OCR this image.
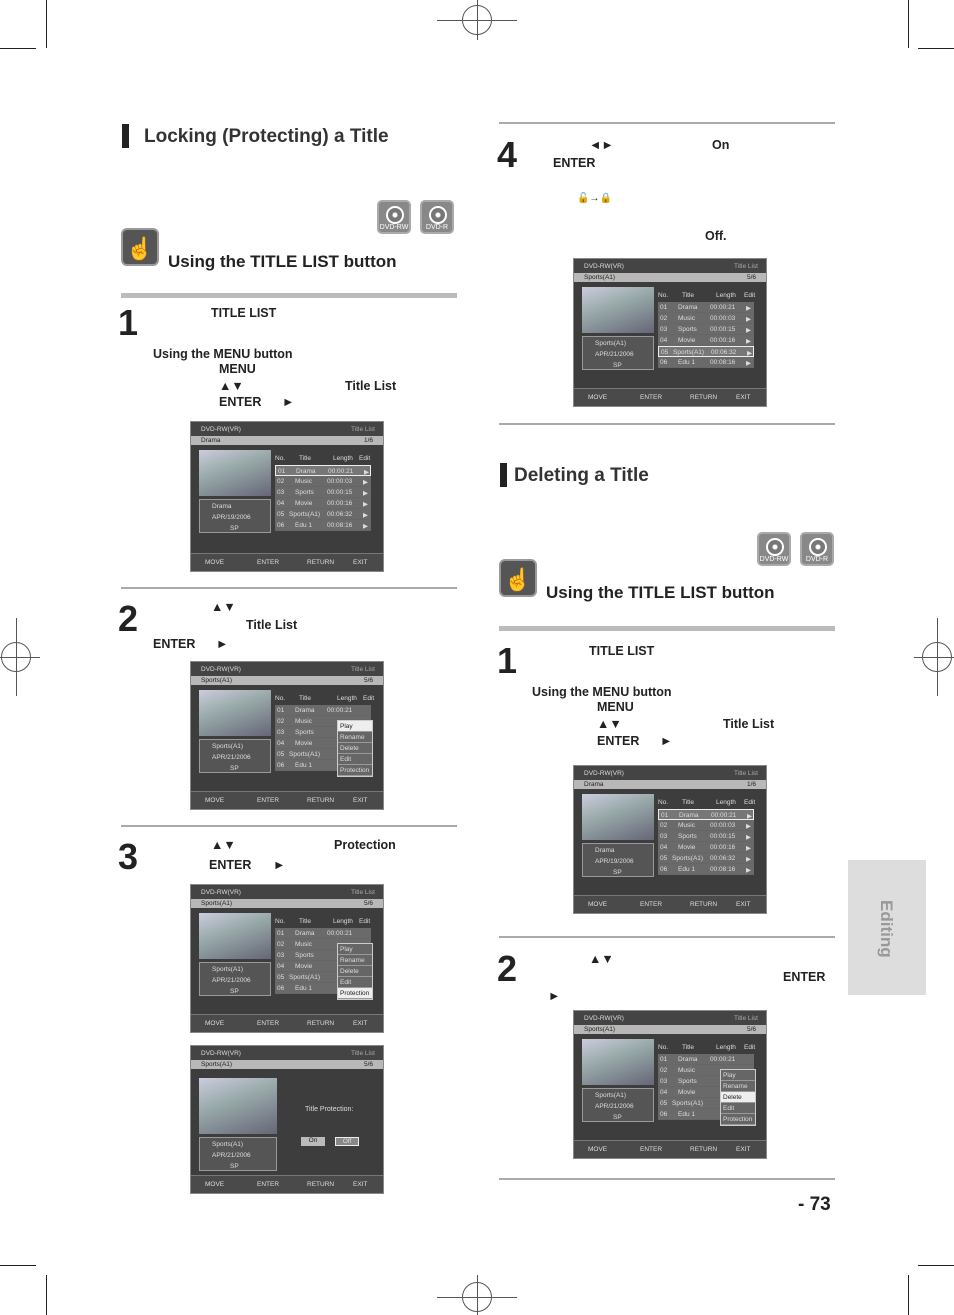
Locking (Protecting) a Title
DVD-RW	DVD-R
☝
Using the TITLE LIST button
1	TITLE LIST
Using the MENU button
MENU
▲▼	Title List
ENTER ►
DVD-RW(VR)	Title List
Drama	1/6
Drama
APR/19/2006
SP
No. Title	Length Edit
01 Drama 00:00:21 ▶
02 Music 00:00:03 ▶
03 Sports 00:00:15 ▶
04 Movie 00:00:16 ▶
05 Sports(A1) 00:06:32 ▶
06 Edu 1 00:08:16 ▶
MOVE	ENTER	RETURN	EXIT
2	▲▼
Title List
ENTER ►
DVD-RW(VR)	Title List
Sports(A1)	5/6
Sports(A1)
APR/21/2006
SP
No. Title	Length Edit
01 Drama 00:00:21
02 Music
03 Sports
04 Movie
05 Sports(A1)
06 Edu 1
Play
Rename
Delete
Edit
Protection
MOVE	ENTER	RETURN	EXIT
3	▲▼	Protection
ENTER ►
DVD-RW(VR)	Title List
Sports(A1)	5/6
Sports(A1)
APR/21/2006
SP
No. Title	Length Edit
01 Drama 00:00:21
02 Music
03 Sports
04 Movie
05 Sports(A1)
06 Edu 1
Play
Rename
Delete
Edit
Protection
MOVE	ENTER	RETURN	EXIT
DVD-RW(VR)	Title List
Sports(A1)	5/6
Sports(A1)
APR/21/2006
SP
Title Protection:
On	Off
MOVE	ENTER	RETURN	EXIT
4	◄►	On
ENTER
🔓→🔒
Off.
DVD-RW(VR)	Title List
Sports(A1)	5/6
Sports(A1)
APR/21/2006
SP
No. Title	Length Edit
01 Drama 00:00:21 ▶
02 Music 00:00:03 ▶
03 Sports 00:00:15 ▶
04 Movie 00:00:16 ▶
05 Sports(A1) 00:06:32 ▶
06 Edu 1 00:08:16 ▶
MOVE	ENTER	RETURN	EXIT
Deleting a Title
DVD-RW	DVD-R
☝
Using the TITLE LIST button
1	TITLE LIST
Using the MENU button
MENU
▲▼	Title List
ENTER ►
DVD-RW(VR)	Title List
Drama	1/6
Drama
APR/19/2006
SP
No. Title	Length Edit
01 Drama 00:00:21 ▶
02 Music 00:00:03 ▶
03 Sports 00:00:15 ▶
04 Movie 00:00:16 ▶
05 Sports(A1) 00:06:32 ▶
06 Edu 1 00:08:16 ▶
MOVE	ENTER	RETURN	EXIT
2	▲▼
ENTER
►
DVD-RW(VR)	Title List
Sports(A1)	5/6
Sports(A1)
APR/21/2006
SP
No. Title	Length Edit
01 Drama 00:00:21
02 Music
03 Sports
04 Movie
05 Sports(A1)
06 Edu 1
Play
Rename
Delete
Edit
Protection
MOVE	ENTER	RETURN	EXIT
Editing
- 73
